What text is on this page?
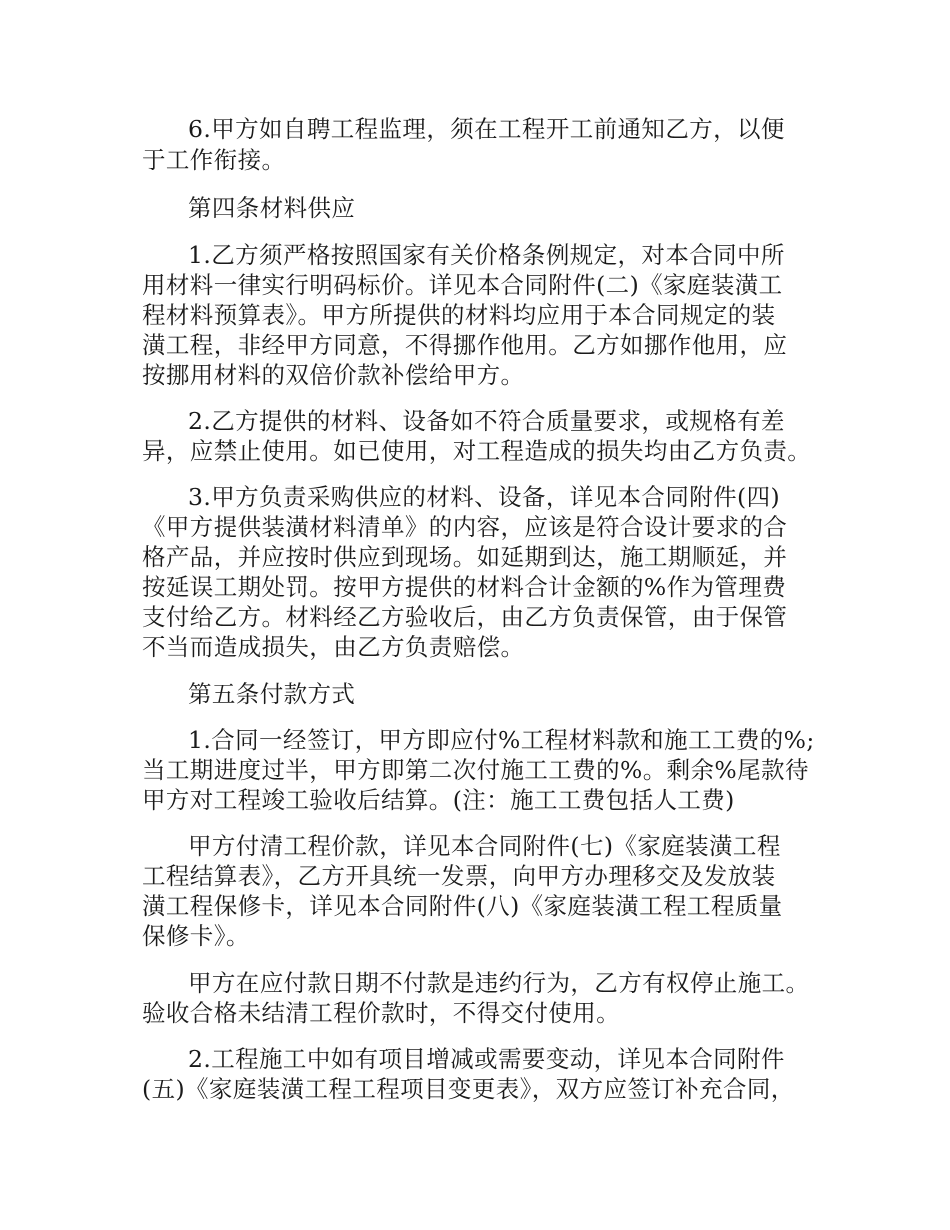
6.甲方如自聘工程监理，须在工程开工前通知乙方，以便
于工作衔接。
第四条材料供应
1.乙方须严格按照国家有关价格条例规定，对本合同中所
用材料一律实行明码标价。详见本合同附件(二)《家庭装潢工
程材料预算表》。甲方所提供的材料均应用于本合同规定的装
潢工程，非经甲方同意，不得挪作他用。乙方如挪作他用，应
按挪用材料的双倍价款补偿给甲方。
2.乙方提供的材料、设备如不符合质量要求，或规格有差
异，应禁止使用。如已使用，对工程造成的损失均由乙方负责。
3.甲方负责采购供应的材料、设备，详见本合同附件(四)
《甲方提供装潢材料清单》的内容，应该是符合设计要求的合
格产品，并应按时供应到现场。如延期到达，施工期顺延，并
按延误工期处罚。按甲方提供的材料合计金额的%作为管理费
支付给乙方。材料经乙方验收后，由乙方负责保管，由于保管
不当而造成损失，由乙方负责赔偿。
第五条付款方式
1.合同一经签订，甲方即应付%工程材料款和施工工费的%;
当工期进度过半，甲方即第二次付施工工费的%。剩余%尾款待
甲方对工程竣工验收后结算。(注：施工工费包括人工费)
甲方付清工程价款，详见本合同附件(七)《家庭装潢工程
工程结算表》，乙方开具统一发票，向甲方办理移交及发放装
潢工程保修卡，详见本合同附件(八)《家庭装潢工程工程质量
保修卡》。
甲方在应付款日期不付款是违约行为，乙方有权停止施工。
验收合格未结清工程价款时，不得交付使用。
2.工程施工中如有项目增减或需要变动，详见本合同附件
(五)《家庭装潢工程工程项目变更表》，双方应签订补充合同，
